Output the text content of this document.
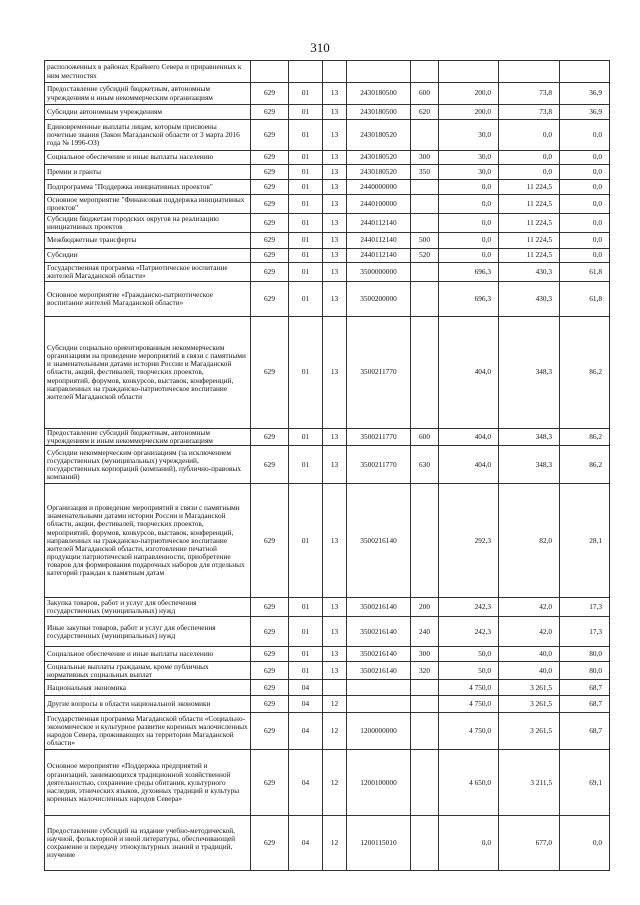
310
расположенных в районах Крайнего Севера и приравненных к ним местностях								
Предоставление субсидий бюджетным, автономным учреждениям и иным некоммерческим организациям	629	01	13	2430180500	600	200,0	73,8	36,9
Субсидии автономным учреждениям	629	01	13	2430180500	620	200,0	73,8	36,9
Единовременные выплаты лицам, которым присвоены почетные звания (Закон Магаданской области от 3 марта 2016 года № 1996-ОЗ)	629	01	13	2430180520		30,0	0,0	0,0
Социальное обеспечение и иные выплаты населению	629	01	13	2430180520	300	30,0	0,0	0,0
Премии и гранты	629	01	13	2430180520	350	30,0	0,0	0,0
Подпрограмма "Поддержка инициативных проектов"	629	01	13	2440000000		0,0	11 224,5	0,0
Основное мероприятие "Финансовая поддержка инициативных проектов"	629	01	13	2440100000		0,0	11 224,5	0,0
Субсидии бюджетам городских округов на реализацию инициативных проектов	629	01	13	2440112140		0,0	11 224,5	0,0
Межбюджетные трансферты	629	01	13	2440112140	500	0,0	11 224,5	0,0
Субсидии	629	01	13	2440112140	520	0,0	11 224,5	0,0
Государственная программа «Патриотическое воспитание жителей Магаданской области»	629	01	13	3500000000		696,3	430,3	61,8
Основное мероприятие «Гражданско-патриотическое воспитание жителей Магаданской области»	629	01	13	3500200000		696,3	430,3	61,8
Субсидии социально ориентированным некоммерческим организациям на проведение мероприятий в связи с памятными и знаменательными датами истории России и Магаданской области, акций, фестивалей, творческих проектов, мероприятий, форумов, конкурсов, выставок, конференций, направленных на гражданско-патриотическое воспитание жителей Магаданской области	629	01	13	3500211770		404,0	348,3	86,2
Предоставление субсидий бюджетным, автономным учреждениям и иным некоммерческим организациям	629	01	13	3500211770	600	404,0	348,3	86,2
Субсидии некоммерческим организациям (за исключением государственных (муниципальных) учреждений, государственных корпораций (компаний), публично-правовых компаний)	629	01	13	3500211770	630	404,0	348,3	86,2
Организация и проведение мероприятий в связи с памятными знаменательными датами истории России и Магаданской области, акции, фестивалей, творческих проектов, мероприятий, форумов, конкурсов, выставок, конференций, направленных на гражданско-патриотическое воспитание жителей Магаданской области, изготовление печатной продукции патриотической направленности, приобретение товаров для формирования подарочных наборов для отдельных категорий граждан к памятным датам	629	01	13	3500216140		292,3	82,0	28,1
Закупка товаров, работ и услуг для обеспечения государственных (муниципальных) нужд	629	01	13	3500216140	200	242,3	42,0	17,3
Иные закупки товаров, работ и услуг для обеспечения государственных (муниципальных) нужд	629	01	13	3500216140	240	242,3	42,0	17,3
Социальное обеспечение и иные выплаты населению	629	01	13	3500216140	300	50,0	40,0	80,0
Социальные выплаты гражданам, кроме публичных нормативных социальных выплат	629	01	13	3500216140	320	50,0	40,0	80,0
Национальная экономика	629	04				4 750,0	3 261,5	68,7
Другие вопросы в области национальной экономики	629	04	12			4 750,0	3 261,5	68,7
Государственная программа Магаданской области «Социально-экономическое и культурное развитие коренных малочисленных народов Севера, проживающих на территории Магаданской области»	629	04	12	1200000000		4 750,0	3 261,5	68,7
Основное мероприятие «Поддержка предприятий и организаций, занимающихся традиционной хозяйственной деятельностью, сохранение среды обитания, культурного наследия, этнических языков, духовных традиций и культуры коренных малочисленных народов Севера»	629	04	12	1200100000		4 650,0	3 211,5	69,1
Предоставление субсидий на издание учебно-методической, научной, фольклорной и иной литературы, обеспечивающей сохранение и передачу этнокультурных знаний и традиций, изучение	629	04	12	1200115010		0,0	677,0	0,0
